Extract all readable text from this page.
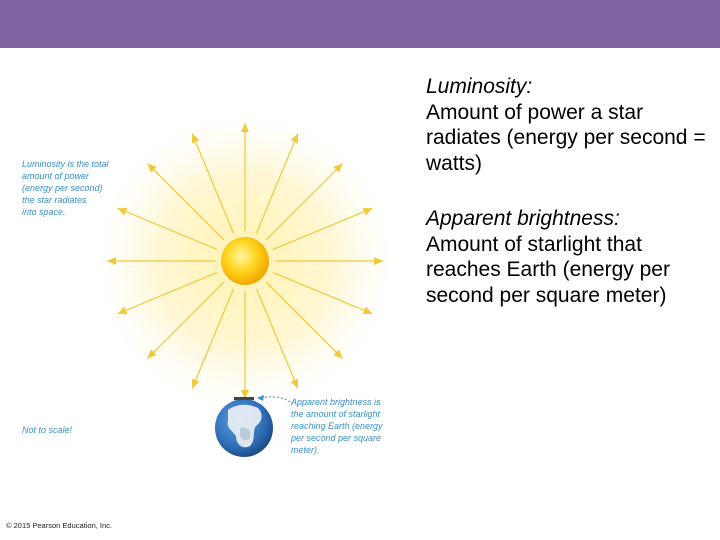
Luminosity is the total
amount of power
(energy per second)
the star radiates
into space.
Not to scale!
Apparent brightness is
the amount of starlight
reaching Earth (energy
per second per square
meter).
Luminosity:
Amount of power a star radiates (energy per second = watts)
Apparent brightness:
Amount of starlight that reaches Earth (energy per second per square meter)
© 2015 Pearson Education, Inc.
